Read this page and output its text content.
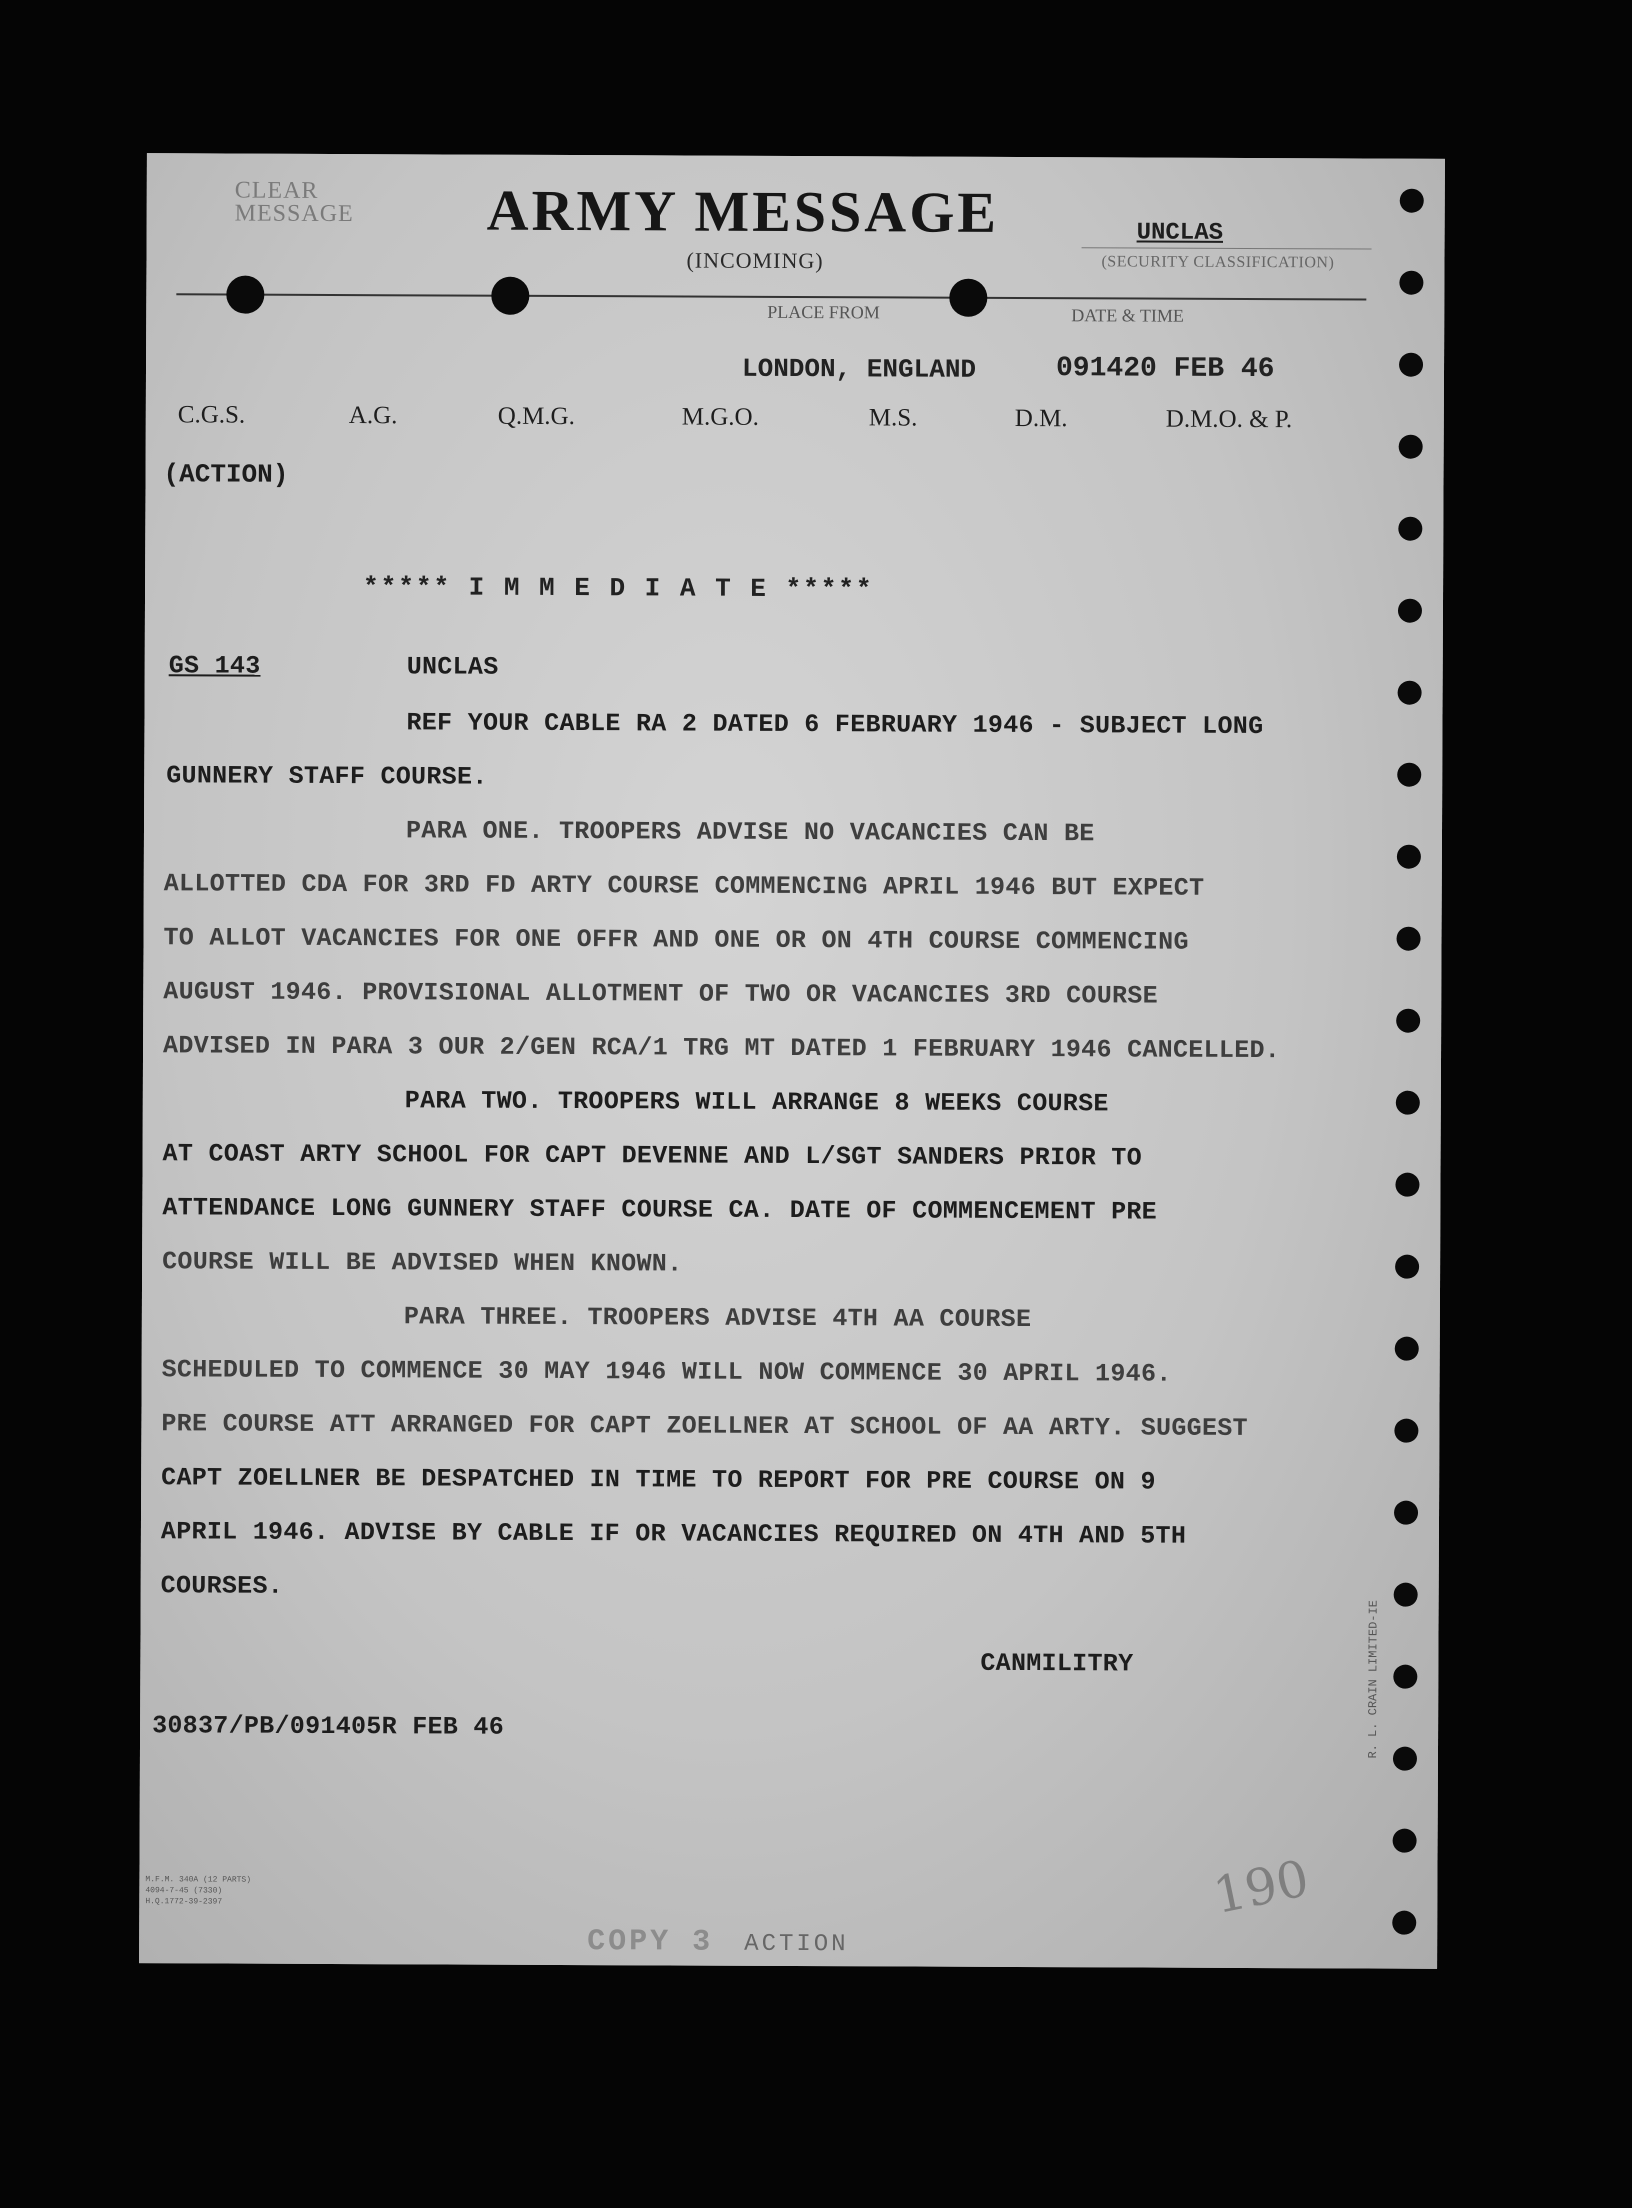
CLEAR
MESSAGE ARMY MESSAGE
(INCOMING)
UNCLAS
(SECURITY CLASSIFICATION)
PLACE FROM	DATE & TIME
LONDON, ENGLAND	091420 FEB 46
C.G.S.	A.G.	Q.M.G.	M.G.O.	M.S.	D.M.	D.M.O. & P.
(ACTION)
***** I M M E D I A T E *****
GS 143	UNCLAS
REF YOUR CABLE RA 2 DATED 6 FEBRUARY 1946 - SUBJECT LONG
GUNNERY STAFF COURSE.
PARA ONE. TROOPERS ADVISE NO VACANCIES CAN BE
ALLOTTED CDA FOR 3RD FD ARTY COURSE COMMENCING APRIL 1946 BUT EXPECT
TO ALLOT VACANCIES FOR ONE OFFR AND ONE OR ON 4TH COURSE COMMENCING
AUGUST 1946. PROVISIONAL ALLOTMENT OF TWO OR VACANCIES 3RD COURSE
ADVISED IN PARA 3 OUR 2/GEN RCA/1 TRG MT DATED 1 FEBRUARY 1946 CANCELLED.
PARA TWO. TROOPERS WILL ARRANGE 8 WEEKS COURSE
AT COAST ARTY SCHOOL FOR CAPT DEVENNE AND L/SGT SANDERS PRIOR TO
ATTENDANCE LONG GUNNERY STAFF COURSE CA. DATE OF COMMENCEMENT PRE
COURSE WILL BE ADVISED WHEN KNOWN.
PARA THREE. TROOPERS ADVISE 4TH AA COURSE
SCHEDULED TO COMMENCE 30 MAY 1946 WILL NOW COMMENCE 30 APRIL 1946.
PRE COURSE ATT ARRANGED FOR CAPT ZOELLNER AT SCHOOL OF AA ARTY. SUGGEST
CAPT ZOELLNER BE DESPATCHED IN TIME TO REPORT FOR PRE COURSE ON 9
APRIL 1946. ADVISE BY CABLE IF OR VACANCIES REQUIRED ON 4TH AND 5TH
COURSES.
CANMILITRY
30837/PB/091405R FEB 46
M.F.M. 340A (12 PARTS)
4094-7-45 (7330)
H.Q.1772-39-2397
COPY 3 ACTION
190
R. L. CRAIN LIMITED-IE
